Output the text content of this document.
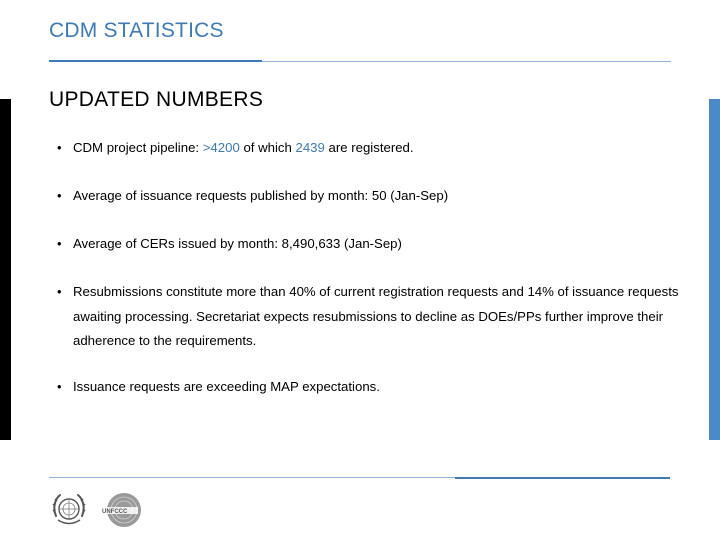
CDM STATISTICS
UPDATED NUMBERS
• CDM project pipeline: >4200 of which 2439 are registered.
• Average of issuance requests published by month: 50 (Jan-Sep)
• Average of CERs issued by month: 8,490,633 (Jan-Sep)
• Resubmissions constitute more than 40% of current registration requests and 14% of issuance requests awaiting processing. Secretariat expects resubmissions to decline as DOEs/PPs further improve their adherence to the requirements.
• Issuance requests are exceeding MAP expectations.
UNFCCC
